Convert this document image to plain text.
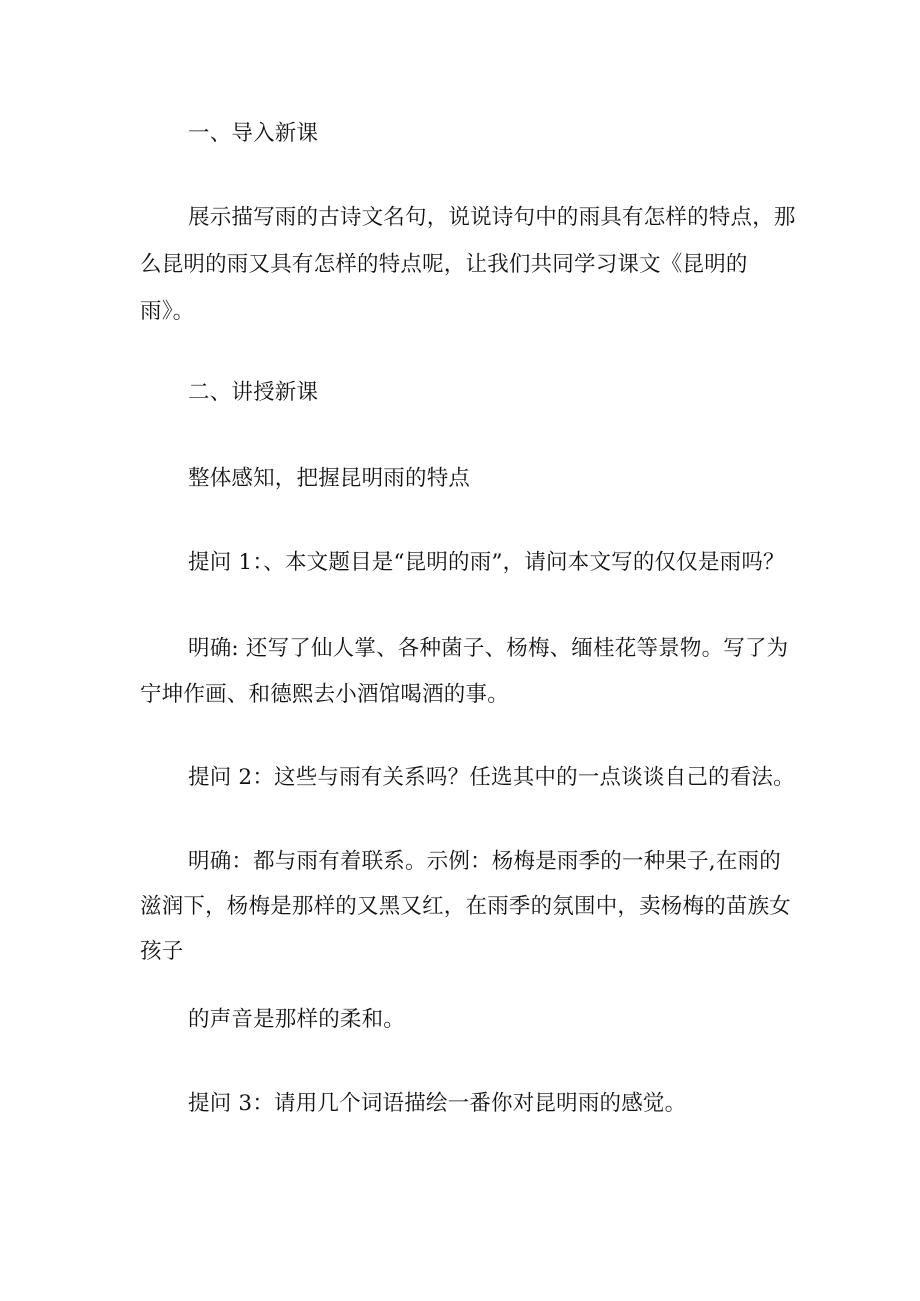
一、导入新课
展示描写雨的古诗文名句，说说诗句中的雨具有怎样的特点，那
么昆明的雨又具有怎样的特点呢，让我们共同学习课文《昆明的
雨》。
二、讲授新课
整体感知，把握昆明雨的特点
提问 1：、本文题目是“昆明的雨”，请问本文写的仅仅是雨吗？
明确: 还写了仙人掌、各种菌子、杨梅、缅桂花等景物。写了为
宁坤作画、和德熙去小酒馆喝酒的事。
提问 2：这些与雨有关系吗？任选其中的一点谈谈自己的看法。
明确：都与雨有着联系。示例：杨梅是雨季的一种果子,在雨的
滋润下，杨梅是那样的又黑又红，在雨季的氛围中，卖杨梅的苗族女
孩子
的声音是那样的柔和。
提问 3：请用几个词语描绘一番你对昆明雨的感觉。
